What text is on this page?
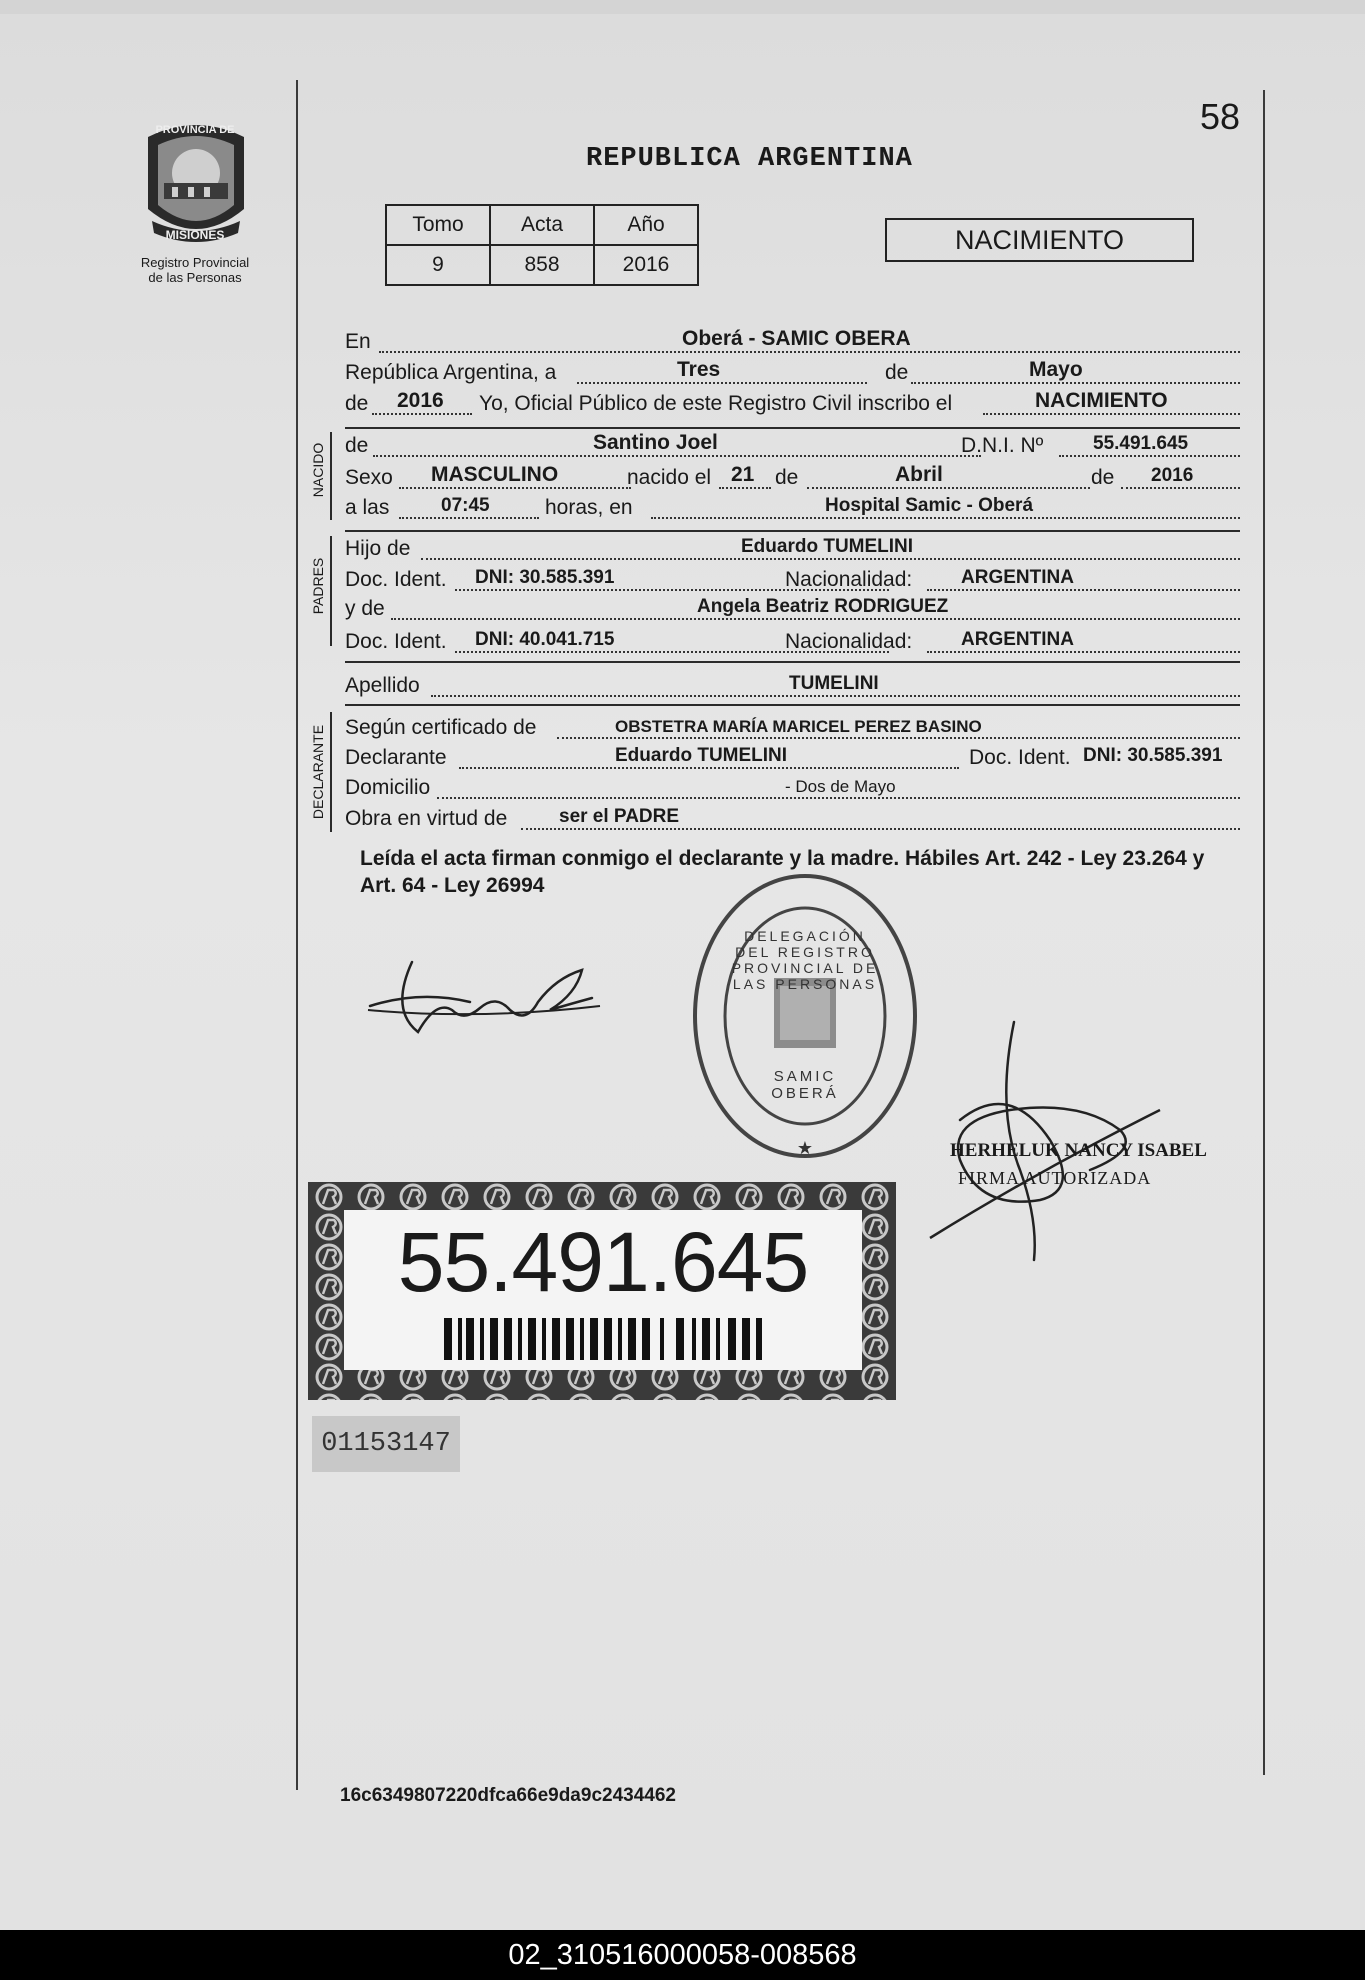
58
PROVINCIA DE
MISIONES
Registro Provincial
de las Personas
REPUBLICA ARGENTINA
Tomo	Acta	Año
9	858	2016
NACIMIENTO
En	Oberá - SAMIC OBERA
República Argentina, a	Tres	de	Mayo
de 2016 Yo, Oficial Público de este Registro Civil inscribo el	NACIMIENTO
NACIDO de	Santino Joel	D.N.I. Nº	55.491.645
Sexo MASCULINO	nacido el 21 de	Abril	de 2016
a las	07:45	horas, en	Hospital Samic - Oberá
PADRES
Hijo de	Eduardo TUMELINI
Doc. Ident. DNI: 30.585.391	Nacionalidad:	ARGENTINA
y de	Angela Beatriz RODRIGUEZ
Doc. Ident. DNI: 40.041.715	Nacionalidad:	ARGENTINA
Apellido	TUMELINI
DECLARANTE Según certificado de	OBSTETRA MARÍA MARICEL PEREZ BASINO
Declarante	Eduardo TUMELINI	Doc. Ident. DNI: 30.585.391
Domicilio	- Dos de Mayo
Obra en virtud de	ser el PADRE
Leída el acta firman conmigo el declarante y la madre. Hábiles Art. 242 - Ley 23.264 y Art. 64 - Ley 26994
★
DELEGACIÓN DEL REGISTRO PROVINCIAL DE LAS PERSONAS
SAMIC OBERÁ
HERHELUK NANCY ISABEL
FIRMA AUTORIZADA
55.491.645
01153147
16c6349807220dfca66e9da9c2434462
02_310516000058-008568
